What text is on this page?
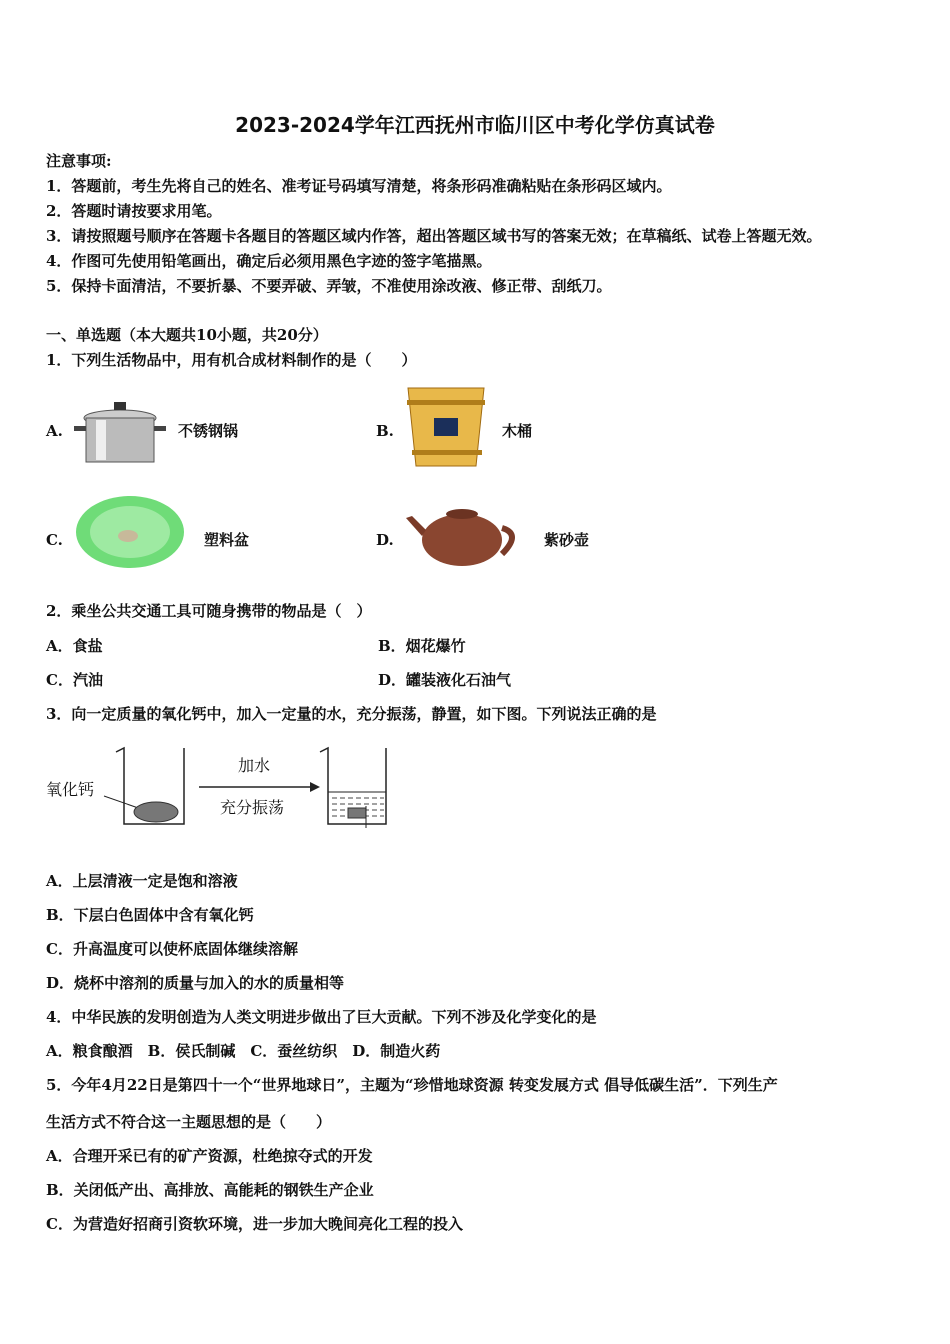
2023-2024学年江西抚州市临川区中考化学仿真试卷
注意事项:
1．答题前，考生先将自己的姓名、准考证号码填写清楚，将条形码准确粘贴在条形码区域内。
2．答题时请按要求用笔。
3．请按照题号顺序在答题卡各题目的答题区域内作答，超出答题区域书写的答案无效；在草稿纸、试卷上答题无效。
4．作图可先使用铅笔画出，确定后必须用黑色字迹的签字笔描黑。
5．保持卡面清洁，不要折暴、不要弄破、弄皱，不准使用涂改液、修正带、刮纸刀。
一、单选题（本大题共10小题，共20分）
1．下列生活物品中，用有机合成材料制作的是（　　）
A.	不锈钢锅	B.	木桶
C.	塑料盆	D.	紫砂壶
2．乘坐公共交通工具可随身携带的物品是（　）
A．食盐	B．烟花爆竹
C．汽油	D．罐装液化石油气
3．向一定质量的氧化钙中，加入一定量的水，充分振荡，静置，如下图。下列说法正确的是
氧化钙
加水
充分振荡
A．上层清液一定是饱和溶液
B．下层白色固体中含有氧化钙
C．升高温度可以使杯底固体继续溶解
D．烧杯中溶剂的质量与加入的水的质量相等
4．中华民族的发明创造为人类文明进步做出了巨大贡献。下列不涉及化学变化的是
A．粮食酿酒　B．侯氏制碱　C．蚕丝纺织　D．制造火药
5．今年4月22日是第四十一个“世界地球日”，主题为“珍惜地球资源 转变发展方式 倡导低碳生活”．下列生产
生活方式不符合这一主题思想的是（　　）
A．合理开采已有的矿产资源，杜绝掠夺式的开发
B．关闭低产出、高排放、高能耗的钢铁生产企业
C．为营造好招商引资软环境，进一步加大晚间亮化工程的投入
